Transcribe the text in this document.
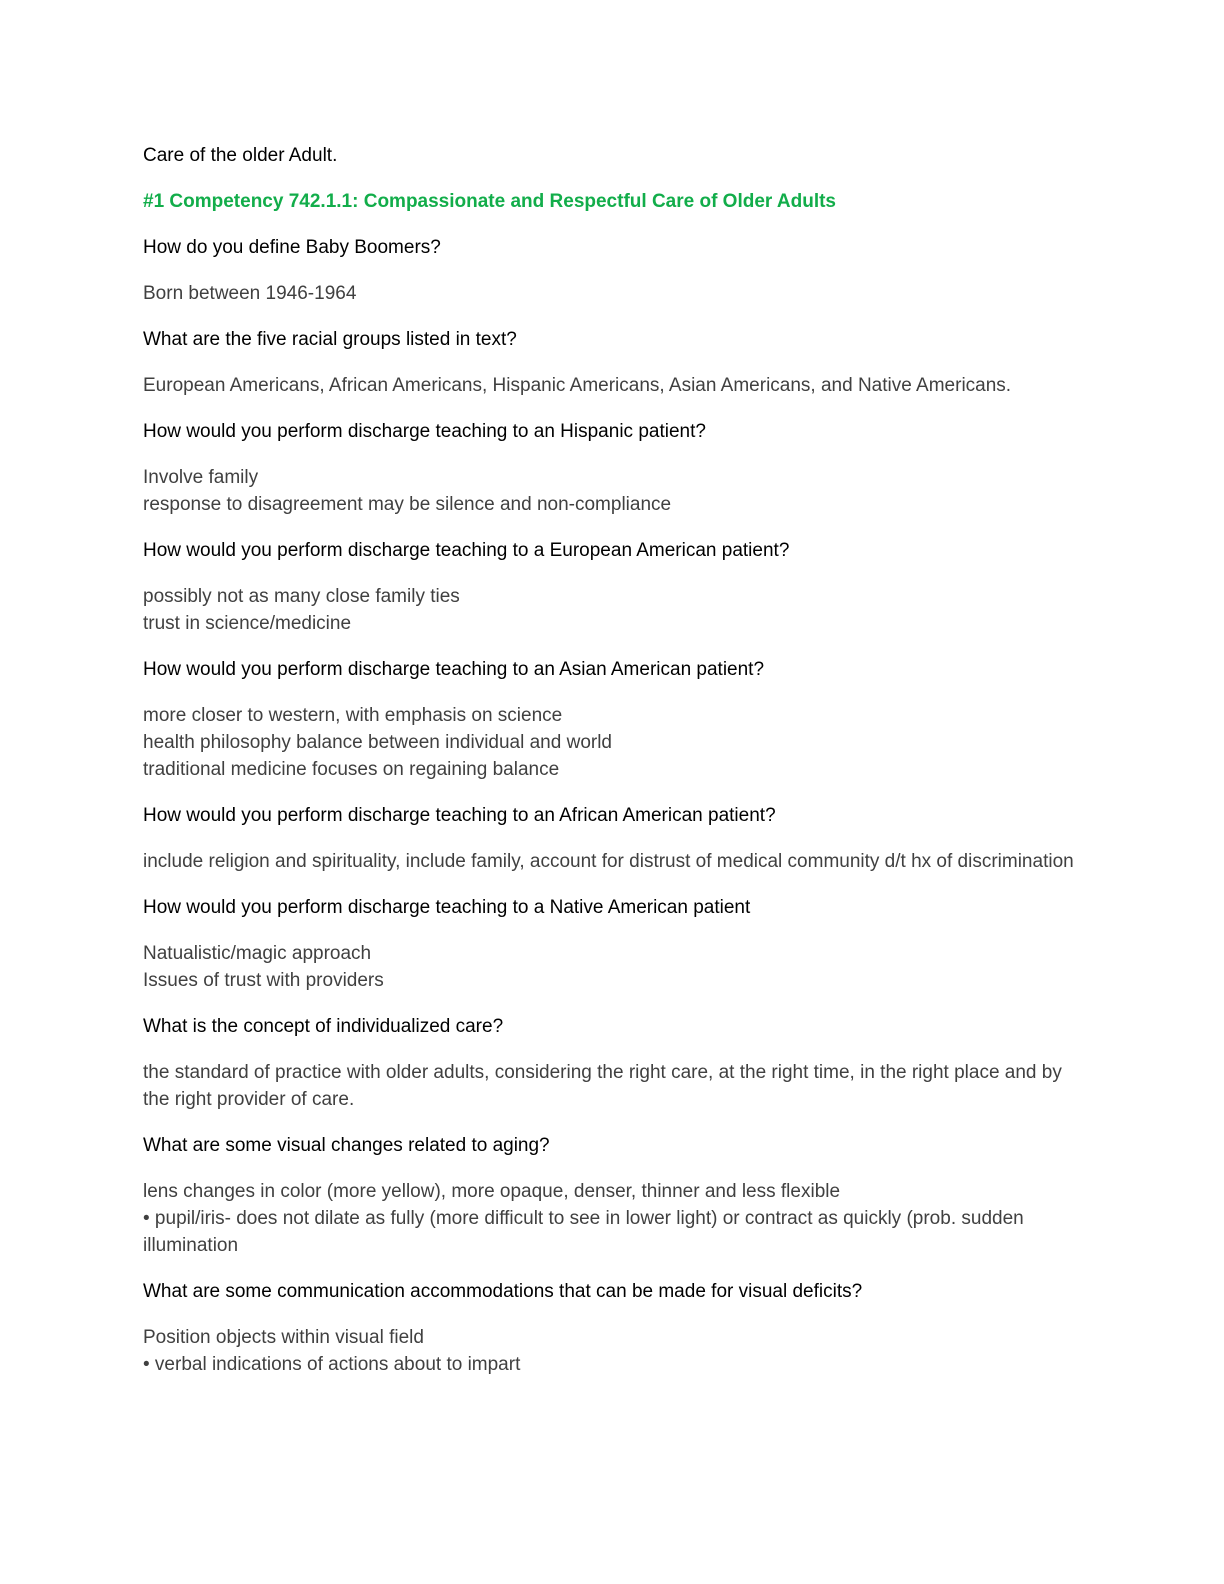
Care of the older Adult.

#1 Competency 742.1.1: Compassionate and Respectful Care of Older Adults

How do you define Baby Boomers?

Born between 1946-1964

What are the five racial groups listed in text?

European Americans, African Americans, Hispanic Americans, Asian Americans, and Native Americans.

How would you perform discharge teaching to an Hispanic patient?

Involve family
response to disagreement may be silence and non-compliance

How would you perform discharge teaching to a European American patient?

possibly not as many close family ties
trust in science/medicine

How would you perform discharge teaching to an Asian American patient?

more closer to western, with emphasis on science
health philosophy balance between individual and world
traditional medicine focuses on regaining balance

How would you perform discharge teaching to an African American patient?

include religion and spirituality, include family, account for distrust of medical community d/t hx of discrimination

How would you perform discharge teaching to a Native American patient

Natualistic/magic approach
Issues of trust with providers

What is the concept of individualized care?

the standard of practice with older adults, considering the right care, at the right time, in the right place and by the right provider of care.

What are some visual changes related to aging?

lens changes in color (more yellow), more opaque, denser, thinner and less flexible
• pupil/iris- does not dilate as fully (more difficult to see in lower light) or contract as quickly (prob. sudden illumination

What are some communication accommodations that can be made for visual deficits?

Position objects within visual field
• verbal indications of actions about to impart
